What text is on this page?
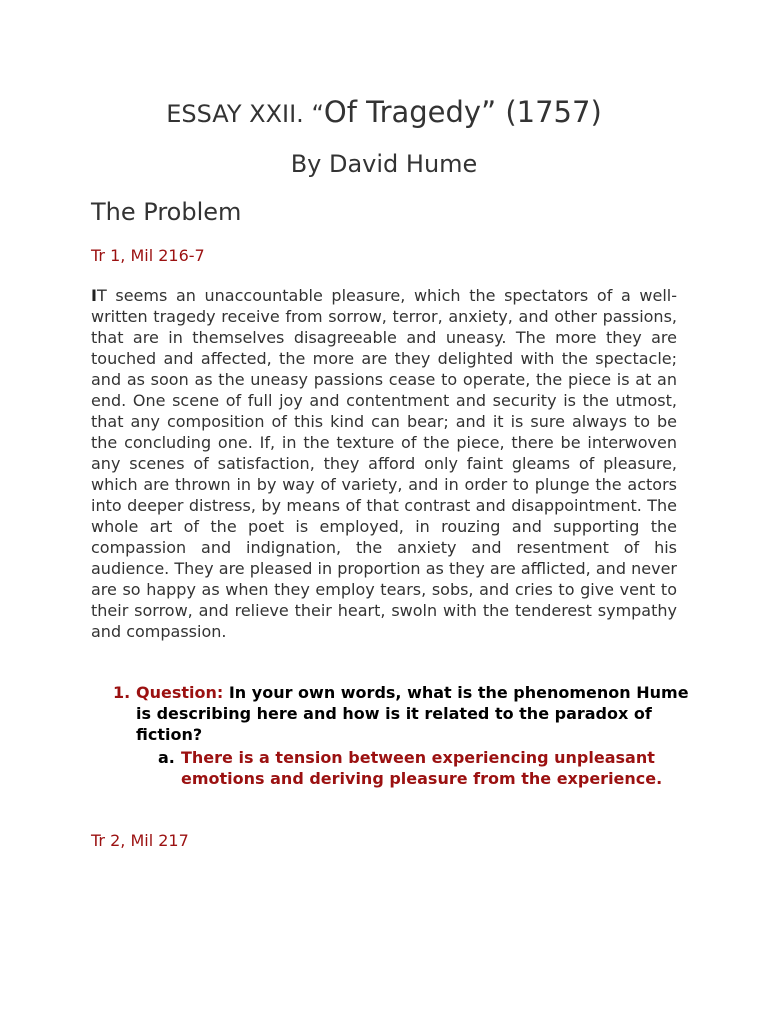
ESSAY XXII. “Of Tragedy” (1757)

By David Hume

The Problem

Tr 1, Mil 216-7

IT seems an unaccountable pleasure, which the spectators of a well-written tragedy receive from sorrow, terror, anxiety, and other passions, that are in themselves disagreeable and uneasy. The more they are touched and affected, the more are they delighted with the spectacle; and as soon as the uneasy passions cease to operate, the piece is at an end. One scene of full joy and contentment and security is the utmost, that any composition of this kind can bear; and it is sure always to be the concluding one. If, in the texture of the piece, there be interwoven any scenes of satisfaction, they afford only faint gleams of pleasure, which are thrown in by way of variety, and in order to plunge the actors into deeper distress, by means of that contrast and disappointment. The whole art of the poet is employed, in rouzing and supporting the compassion and indignation, the anxiety and resentment of his audience. They are pleased in proportion as they are afflicted, and never are so happy as when they employ tears, sobs, and cries to give vent to their sorrow, and relieve their heart, swoln with the tenderest sympathy and compassion.

1. Question: In your own words, what is the phenomenon Hume is describing here and how is it related to the paradox of fiction?
a. There is a tension between experiencing unpleasant emotions and deriving pleasure from the experience.

Tr 2, Mil 217
